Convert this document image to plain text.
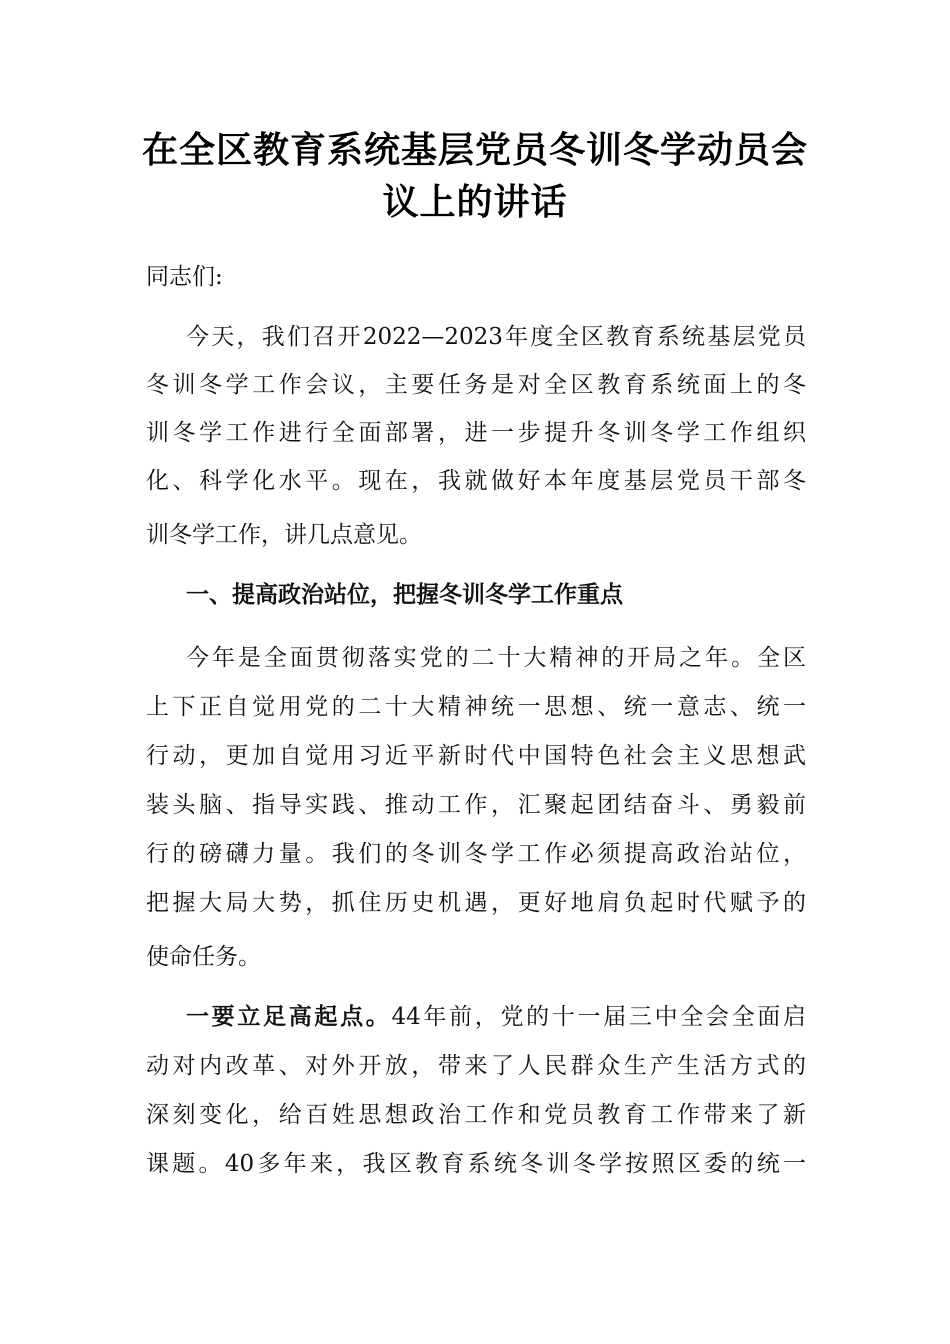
在全区教育系统基层党员冬训冬学动员会
议上的讲话
同志们:
今天，我们召开2022—2023年度全区教育系统基层党员
冬训冬学工作会议，主要任务是对全区教育系统面上的冬
训冬学工作进行全面部署，进一步提升冬训冬学工作组织
化、科学化水平。现在，我就做好本年度基层党员干部冬
训冬学工作，讲几点意见。
一、提高政治站位，把握冬训冬学工作重点
今年是全面贯彻落实党的二十大精神的开局之年。全区
上下正自觉用党的二十大精神统一思想、统一意志、统一
行动，更加自觉用习近平新时代中国特色社会主义思想武
装头脑、指导实践、推动工作，汇聚起团结奋斗、勇毅前
行的磅礴力量。我们的冬训冬学工作必须提高政治站位，
把握大局大势，抓住历史机遇，更好地肩负起时代赋予的
使命任务。
一要立足高起点。44年前，党的十一届三中全会全面启
动对内改革、对外开放，带来了人民群众生产生活方式的
深刻变化，给百姓思想政治工作和党员教育工作带来了新
课题。40多年来，我区教育系统冬训冬学按照区委的统一
